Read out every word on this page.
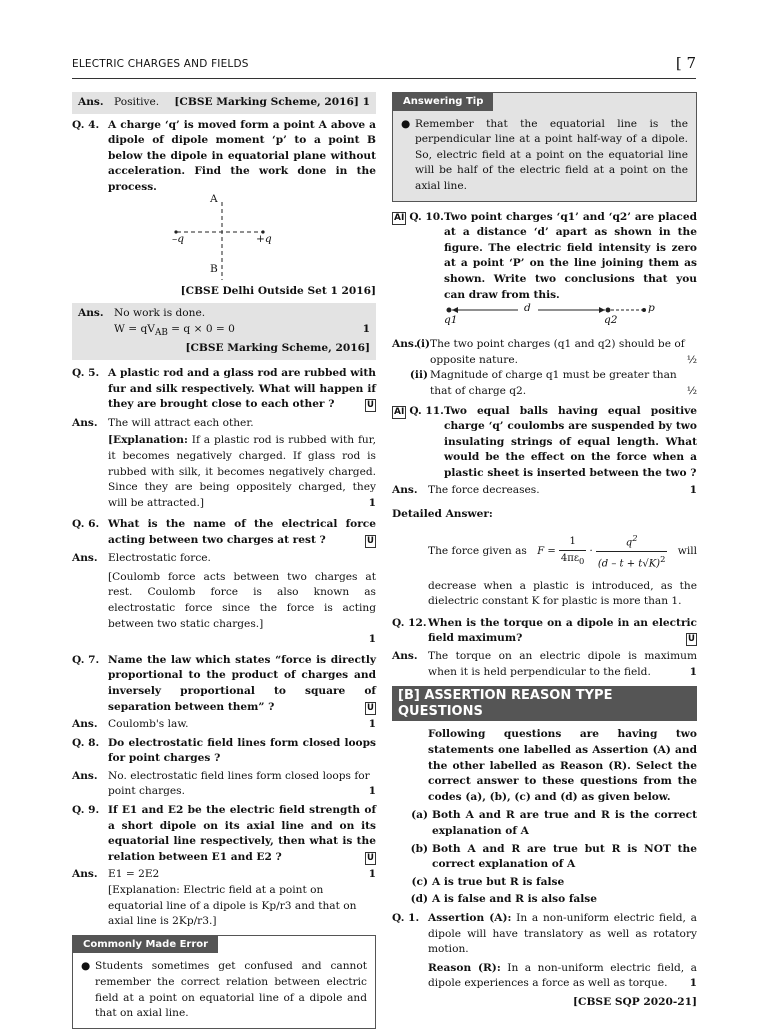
ELECTRIC CHARGES AND FIELDS	[ 7
Ans. Positive. [CBSE Marking Scheme, 2016] 1
Q. 4. A charge ‘q’ is moved form a point A above a dipole of dipole moment ‘p’ to a point B below the dipole in equatorial plane without acceleration. Find the work done in the process.
A
B
–q	+q
[CBSE Delhi Outside Set 1 2016]
Ans. No work is done.
$W = qV_{AB} = q \times 0 = 0$	1
[CBSE Marking Scheme, 2016]
Q. 5. A plastic rod and a glass rod are rubbed with fur and silk respectively. What will happen if they are brought close to each other ?	U
Ans. The will attract each other.
[Explanation: If a plastic rod is rubbed with fur, it becomes negatively charged. If glass rod is rubbed with silk, it becomes negatively charged. Since they are being oppositely charged, they will be attracted.]	1
Q. 6. What is the name of the electrical force acting between two charges at rest ?	U
Ans. Electrostatic force.
[Coulomb force acts between two charges at rest. Coulomb force is also known as electrostatic force since the force is acting between two static charges.]
1
Q. 7. Name the law which states “force is directly proportional to the product of charges and inversely proportional to square of separation between them” ?	U
Ans. Coulomb's law.	1
Q. 8. Do electrostatic field lines form closed loops for point charges ?
Ans. No. electrostatic field lines form closed loops for point charges.	1
Q. 9. If E1 and E2 be the electric field strength of a short dipole on its axial line and on its equatorial line respectively, then what is the relation between E1 and E2 ?	U
Ans. E1 = 2E2	1
[Explanation: Electric field at a point on equatorial line of a dipole is Kp/r3 and that on axial line is 2Kp/r3.]
Commonly Made Error
● Students sometimes get confused and cannot remember the correct relation between electric field at a point on equatorial line of a dipole and that on axial line.
Answering Tip
● Remember that the equatorial line is the perpendicular line at a point half-way of a dipole. So, electric field at a point on the equatorial line will be half of the electric field at a point on the axial line.
AI Q. 10. Two point charges ‘q1’ and ‘q2’ are placed at a distance ‘d’ apart as shown in the figure. The electric field intensity is zero at a point ‘P’ on the line joining them as shown. Write two conclusions that you can draw from this.
q1
d
q2
p
Ans.
(i) The two point charges (q1 and q2) should be of opposite nature.	½
(ii) Magnitude of charge q1 must be greater than that of charge q2.	½
AI Q. 11. Two equal balls having equal positive charge ‘q’ coulombs are suspended by two insulating strings of equal length. What would be the effect on the force when a plastic sheet is inserted between the two ?
Ans. The force decreases.	1
Detailed Answer:
The force given as F =
1
$4\pi\varepsilon_0$
·
$q^2$
$(d - t + t√K)^2$
will
decrease when a plastic is introduced, as the dielectric constant K for plastic is more than 1.
Q. 12. When is the torque on a dipole in an electric field maximum?	U
Ans. The torque on an electric dipole is maximum when it is held perpendicular to the field.	1
[B] ASSERTION REASON TYPE QUESTIONS
Following questions are having two statements one labelled as Assertion (A) and the other labelled as Reason (R). Select the correct answer to these questions from the codes (a), (b), (c) and (d) as given below.
(a) Both A and R are true and R is the correct explanation of A
(b) Both A and R are true but R is NOT the correct explanation of A
(c) A is true but R is false
(d) A is false and R is also false
Q. 1. Assertion (A): In a non-uniform electric field, a dipole will have translatory as well as rotatory motion.
Reason (R): In a non-uniform electric field, a dipole experiences a force as well as torque. 1
[CBSE SQP 2020-21]
